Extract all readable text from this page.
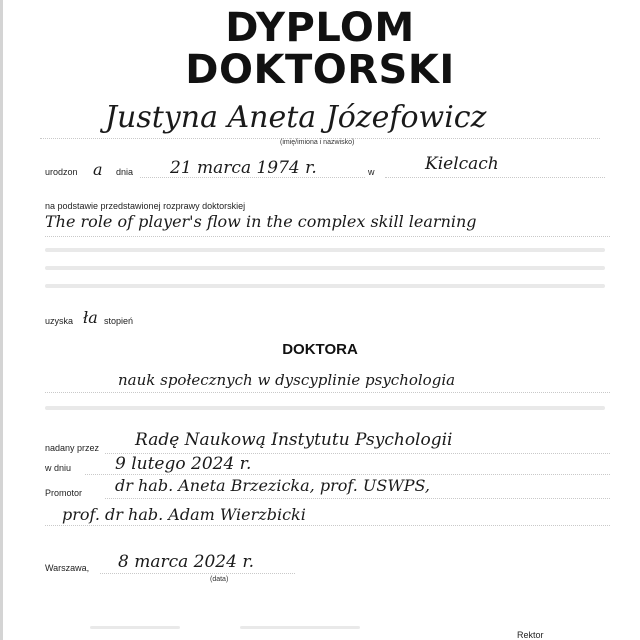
DYPLOM
DOKTORSKI
Justyna Aneta Józefowicz
(imię/imiona i nazwisko)
urodzon a dnia 21 marca 1974 r.	w	Kielcach
na podstawie przedstawionej rozprawy doktorskiej
The role of player's flow in the complex skill learning
uzyska ła stopień
DOKTORA
nauk społecznych w dyscyplinie psychologia
nadany przez Radę Naukową Instytutu Psychologii
w dniu	9 lutego 2024 r.
Promotor dr hab. Aneta Brzezicka, prof. USWPS,
prof. dr hab. Adam Wierzbicki
Warszawa, 8 marca 2024 r.
(data)
Rektor
